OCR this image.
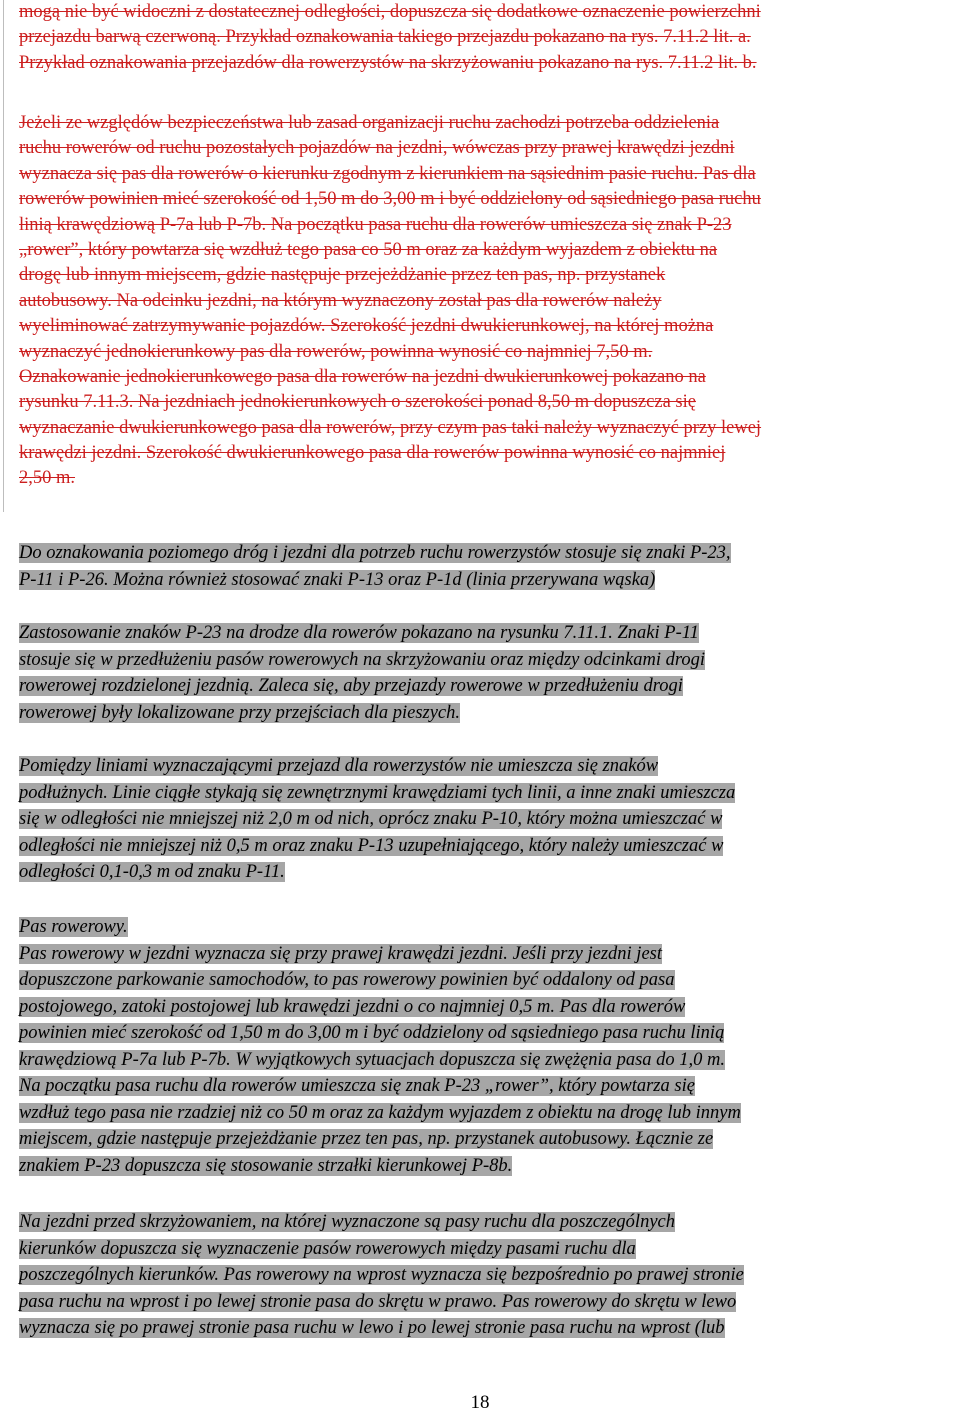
mogą nie być widoczni z dostatecznej odległości, dopuszcza się dodatkowe oznaczenie powierzchni
przejazdu barwą czerwoną. Przykład oznakowania takiego przejazdu pokazano na rys. 7.11.2 lit. a.
Przykład oznakowania przejazdów dla rowerzystów na skrzyżowaniu pokazano na rys. 7.11.2 lit. b.
Jeżeli ze względów bezpieczeństwa lub zasad organizacji ruchu zachodzi potrzeba oddzielenia
ruchu rowerów od ruchu pozostałych pojazdów na jezdni, wówczas przy prawej krawędzi jezdni
wyznacza się pas dla rowerów o kierunku zgodnym z kierunkiem na sąsiednim pasie ruchu. Pas dla
rowerów powinien mieć szerokość od 1,50 m do 3,00 m i być oddzielony od sąsiedniego pasa ruchu
linią krawędziową P-7a lub P-7b. Na początku pasa ruchu dla rowerów umieszcza się znak P-23
„rower”, który powtarza się wzdłuż tego pasa co 50 m oraz za każdym wyjazdem z obiektu na
drogę lub innym miejscem, gdzie następuje przejeżdżanie przez ten pas, np. przystanek
autobusowy. Na odcinku jezdni, na którym wyznaczony został pas dla rowerów należy
wyeliminować zatrzymywanie pojazdów. Szerokość jezdni dwukierunkowej, na której można
wyznaczyć jednokierunkowy pas dla rowerów, powinna wynosić co najmniej 7,50 m.
Oznakowanie jednokierunkowego pasa dla rowerów na jezdni dwukierunkowej pokazano na
rysunku 7.11.3. Na jezdniach jednokierunkowych o szerokości ponad 8,50 m dopuszcza się
wyznaczanie dwukierunkowego pasa dla rowerów, przy czym pas taki należy wyznaczyć przy lewej
krawędzi jezdni. Szerokość dwukierunkowego pasa dla rowerów powinna wynosić co najmniej
2,50 m.
Do oznakowania poziomego dróg i jezdni dla potrzeb ruchu rowerzystów stosuje się znaki P-23,
P-11 i P-26. Można również stosować znaki P-13 oraz P-1d (linia przerywana wąska)
Zastosowanie znaków P-23 na drodze dla rowerów pokazano na rysunku 7.11.1. Znaki P-11
stosuje się w przedłużeniu pasów rowerowych na skrzyżowaniu oraz między odcinkami drogi
rowerowej rozdzielonej jezdnią. Zaleca się, aby przejazdy rowerowe w przedłużeniu drogi
rowerowej były lokalizowane przy przejściach dla pieszych.
Pomiędzy liniami wyznaczającymi przejazd dla rowerzystów nie umieszcza się znaków
podłużnych. Linie ciągłe stykają się zewnętrznymi krawędziami tych linii, a inne znaki umieszcza
się w odległości nie mniejszej niż 2,0 m od nich, oprócz znaku P-10, który można umieszczać w
odległości nie mniejszej niż 0,5 m oraz znaku P-13 uzupełniającego, który należy umieszczać w
odległości 0,1-0,3 m od znaku P-11.
Pas rowerowy.
Pas rowerowy w jezdni wyznacza się przy prawej krawędzi jezdni. Jeśli przy jezdni jest
dopuszczone parkowanie samochodów, to pas rowerowy powinien być oddalony od pasa
postojowego, zatoki postojowej lub krawędzi jezdni o co najmniej 0,5 m. Pas dla rowerów
powinien mieć szerokość od 1,50 m do 3,00 m i być oddzielony od sąsiedniego pasa ruchu linią
krawędziową P-7a lub P-7b. W wyjątkowych sytuacjach dopuszcza się zwężęnia pasa do 1,0 m.
Na początku pasa ruchu dla rowerów umieszcza się znak P-23 „rower”, który powtarza się
wzdłuż tego pasa nie rzadziej niż co 50 m oraz za każdym wyjazdem z obiektu na drogę lub innym
miejscem, gdzie następuje przejeżdżanie przez ten pas, np. przystanek autobusowy. Łącznie ze
znakiem P-23 dopuszcza się stosowanie strzałki kierunkowej P-8b.
Na jezdni przed skrzyżowaniem, na której wyznaczone są pasy ruchu dla poszczególnych
kierunków dopuszcza się wyznaczenie pasów rowerowych między pasami ruchu dla
poszczególnych kierunków. Pas rowerowy na wprost wyznacza się bezpośrednio po prawej stronie
pasa ruchu na wprost i po lewej stronie pasa do skrętu w prawo. Pas rowerowy do skrętu w lewo
wyznacza się po prawej stronie pasa ruchu w lewo i po lewej stronie pasa ruchu na wprost (lub
18
